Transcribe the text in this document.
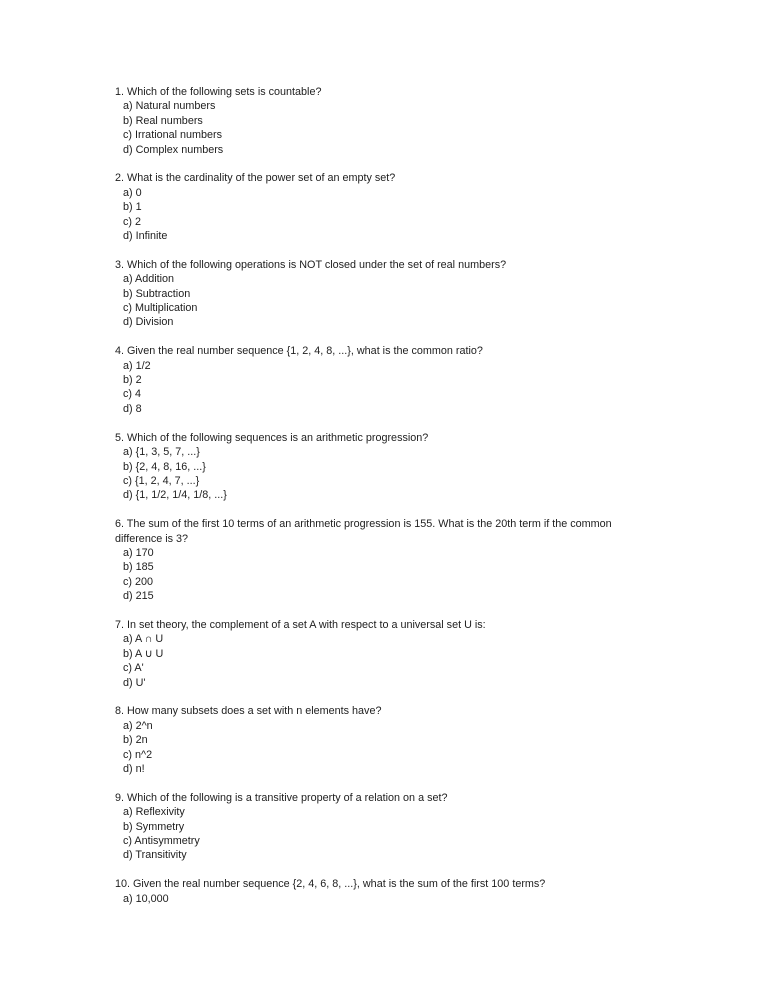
1. Which of the following sets is countable?
a) Natural numbers
b) Real numbers
c) Irrational numbers
d) Complex numbers
2. What is the cardinality of the power set of an empty set?
a) 0
b) 1
c) 2
d) Infinite
3. Which of the following operations is NOT closed under the set of real numbers?
a) Addition
b) Subtraction
c) Multiplication
d) Division
4. Given the real number sequence {1, 2, 4, 8, ...}, what is the common ratio?
a) 1/2
b) 2
c) 4
d) 8
5. Which of the following sequences is an arithmetic progression?
a) {1, 3, 5, 7, ...}
b) {2, 4, 8, 16, ...}
c) {1, 2, 4, 7, ...}
d) {1, 1/2, 1/4, 1/8, ...}
6. The sum of the first 10 terms of an arithmetic progression is 155. What is the 20th term if the common difference is 3?
a) 170
b) 185
c) 200
d) 215
7. In set theory, the complement of a set A with respect to a universal set U is:
a) A ∩ U
b) A ∪ U
c) A'
d) U'
8. How many subsets does a set with n elements have?
a) 2^n
b) 2n
c) n^2
d) n!
9. Which of the following is a transitive property of a relation on a set?
a) Reflexivity
b) Symmetry
c) Antisymmetry
d) Transitivity
10. Given the real number sequence {2, 4, 6, 8, ...}, what is the sum of the first 100 terms?
a) 10,000
